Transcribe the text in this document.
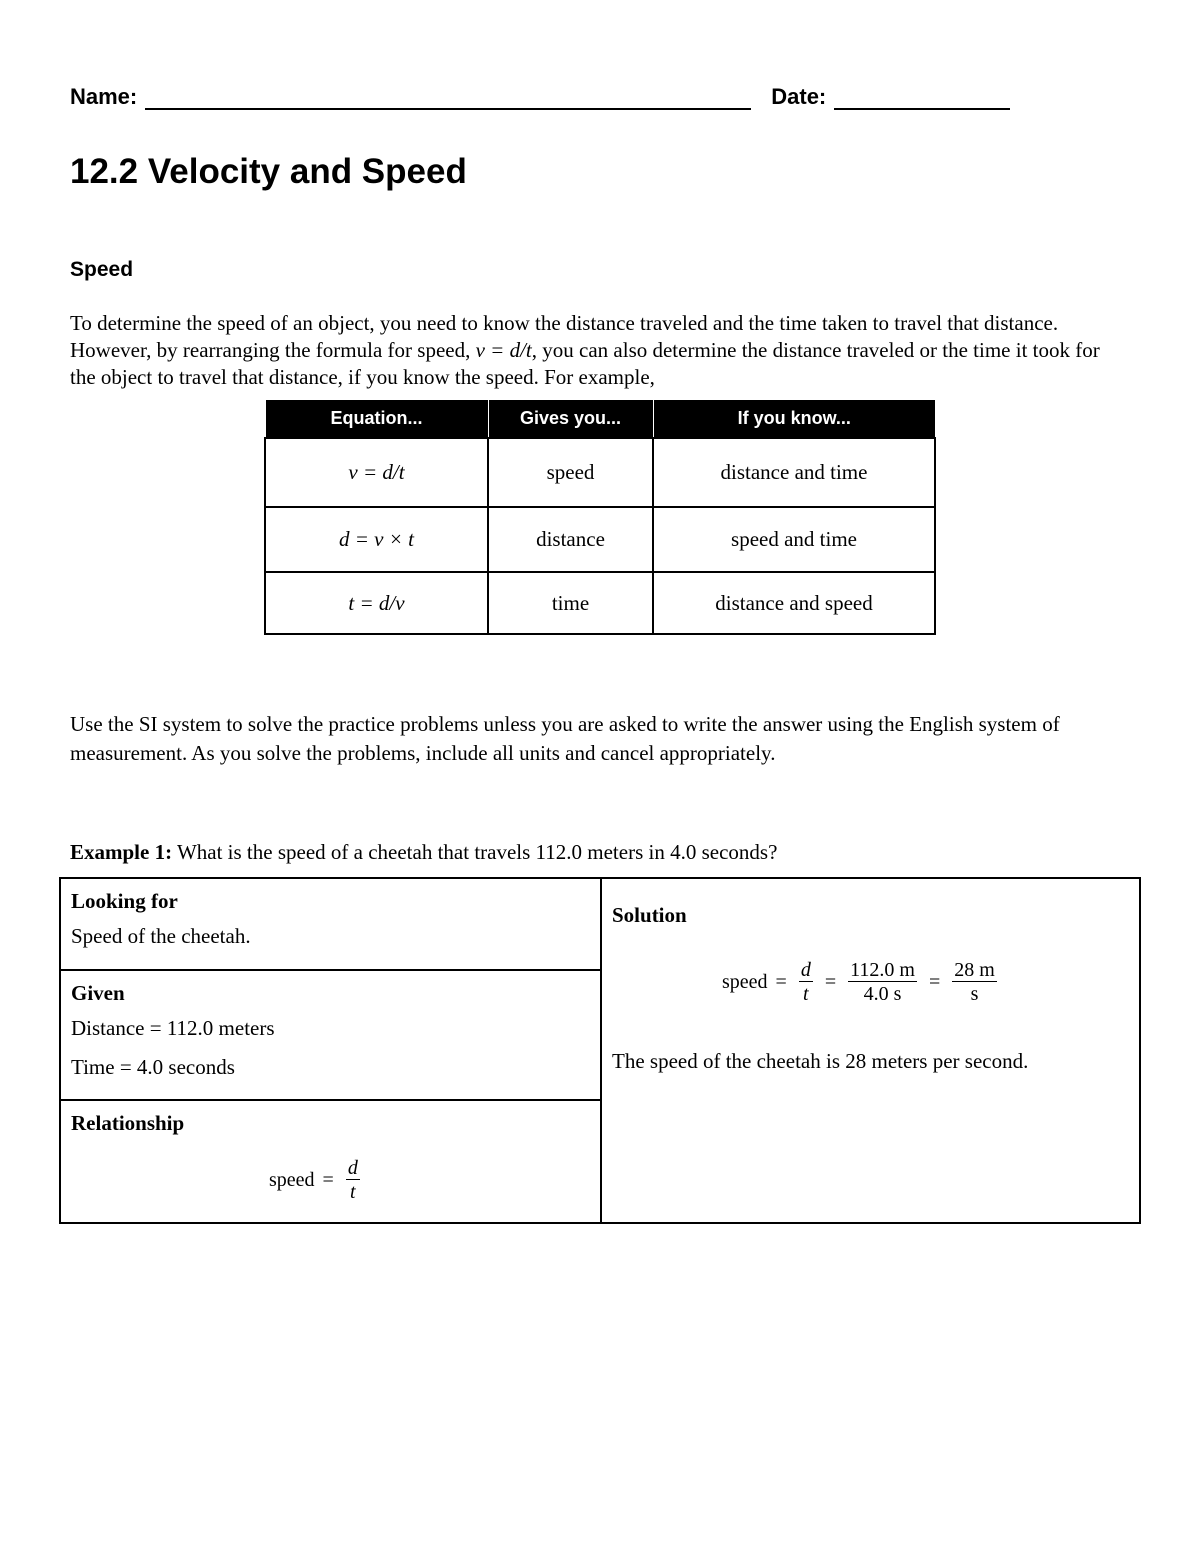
Name:	Date:
12.2 Velocity and Speed
Speed
To determine the speed of an object, you need to know the distance traveled and the time taken to travel that distance. However, by rearranging the formula for speed, v = d/t, you can also determine the distance traveled or the time it took for the object to travel that distance, if you know the speed. For example,
Equation...	Gives you...	If you know...
v = d/t	speed	distance and time
d = v × t	distance	speed and time
t = d/v	time	distance and speed
Use the SI system to solve the practice problems unless you are asked to write the answer using the English system of measurement. As you solve the problems, include all units and cancel appropriately.
Example 1: What is the speed of a cheetah that travels 112.0 meters in 4.0 seconds?
Looking for
Speed of the cheetah.
Given
Distance = 112.0 meters
Time = 4.0 seconds
Relationship
speed = $\frac{d}{t}$
Solution
speed = $\frac{d}{t} = \frac{112.0 m}{4.0 s} = \frac{28 m}{s}$
The speed of the cheetah is 28 meters per second.
